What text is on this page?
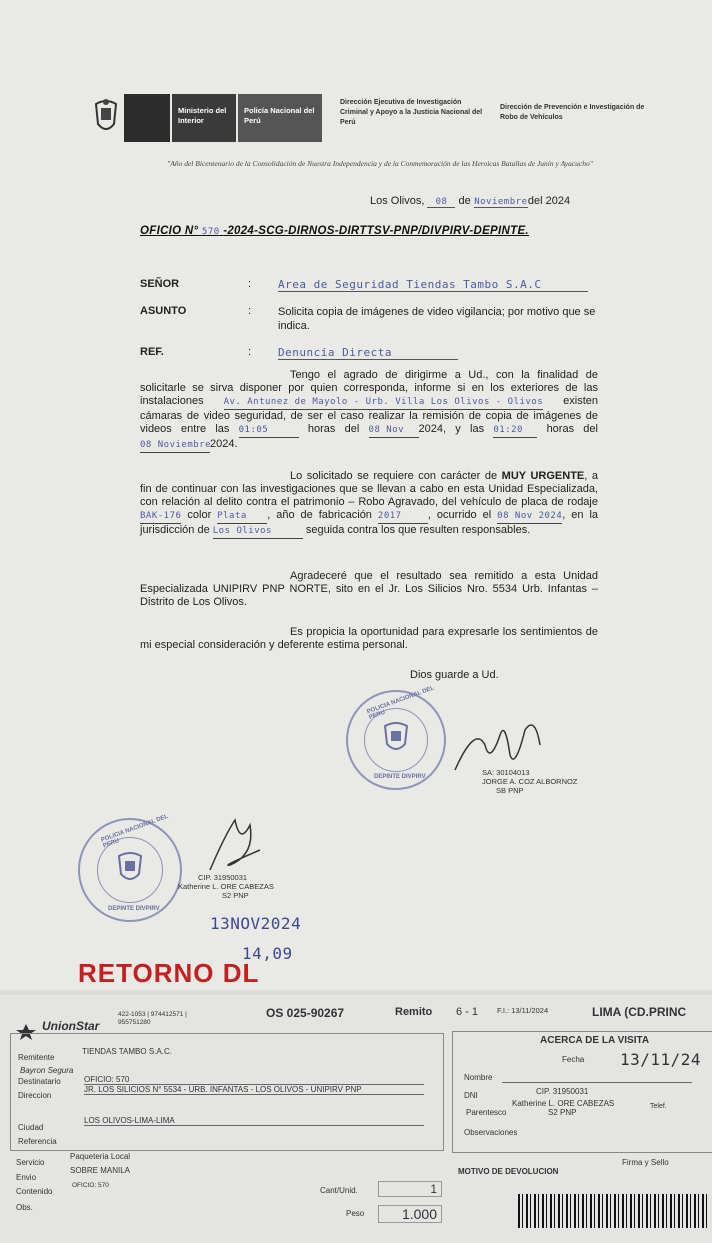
Ministerio del Interior
Policía Nacional del Perú
Dirección Ejecutiva de Investigación Criminal y Apoyo a la Justicia Nacional del Perú
Dirección de Prevención e Investigación de Robo de Vehículos
"Año del Bicentenario de la Consolidación de Nuestra Independencia y de la Conmemoración de las Heroicas Batallas de Junín y Ayacucho"
Los Olivos, 08 de Noviembredel 2024
OFICIO N° 570 -2024-SCG-DIRNOS-DIRTTSV-PNP/DIVPIRV-DEPINTE.
SEÑOR	: Area de Seguridad Tiendas Tambo S.A.C
ASUNTO	: Solicita copia de imágenes de video vigilancia; por motivo que se indica.
REF.	: Denuncia Directa
Tengo el agrado de dirigirme a Ud., con la finalidad de solicitarle se sirva disponer por quien corresponda, informe si en los exteriores de las instalaciones Av. Antunez de Mayolo - Urb. Villa Los Olivos - Olivos existen cámaras de video seguridad, de ser el caso realizar la remisión de copia de imágenes de videos entre las 01:05	horas del 08 Nov 2024, y las 01:20 horas del 08 Noviembre2024.
Lo solicitado se requiere con carácter de MUY URGENTE, a fin de continuar con las investigaciones que se llevan a cabo en esta Unidad Especializada, con relación al delito contra el patrimonio – Robo Agravado, del vehículo de placa de rodaje BAK-176 color Plata , año de fabricación 2017 , ocurrido el 08 Nov 2024, en la jurisdicción de Los Olivos	seguida contra los que resulten responsables.
Agradeceré que el resultado sea remitido a esta Unidad Especializada UNIPIRV PNP NORTE, sito en el Jr. Los Silicios Nro. 5534 Urb. Infantas – Distrito de Los Olivos.
Es propicia la oportunidad para expresarle los sentimientos de mi especial consideración y deferente estima personal.
Dios guarde a Ud.
POLICIA NACIONAL DEL PERU
DEPINTE DIVPIRV	SA: 30104013
JORGE A. COZ ALBORNOZ
SB PNP
POLICIA NACIONAL DEL PERU
DEPINTE DIVPIRV
CIP. 31950031
Katherine L. ORE CABEZAS
S2 PNP
13NOV2024
14,09
RETORNO DL
UnionStar
422-1053 | 974412571 |
955751280
OS 025-90267	Remito 6 - 1	F.I.: 13/11/2024	LIMA (CD.PRINC
Remitente
TIENDAS TAMBO S.A.C.
Bayron Segura
Destinatario	OFICIO: 570
Direccion
JR. LOS SILICIOS N° 5534 - URB. INFANTAS - LOS OLIVOS - UNIPIRV PNP
Ciudad
LOS OLIVOS-LIMA-LIMA
Referencia
Servicio
Paqueteria Local
Envio
SOBRE MANILA
Contenido
OFICIO: 570
Obs.
Cant/Unid.	1
Peso	1.000
ACERCA DE LA VISITA
Fecha 13/11/24
Nombre
DNI	CIP. 31950031
Katherine L. ORE CABEZAS
Parentesco	S2 PNP
Telef.
Observaciones
Firma y Sello
MOTIVO DE DEVOLUCION
